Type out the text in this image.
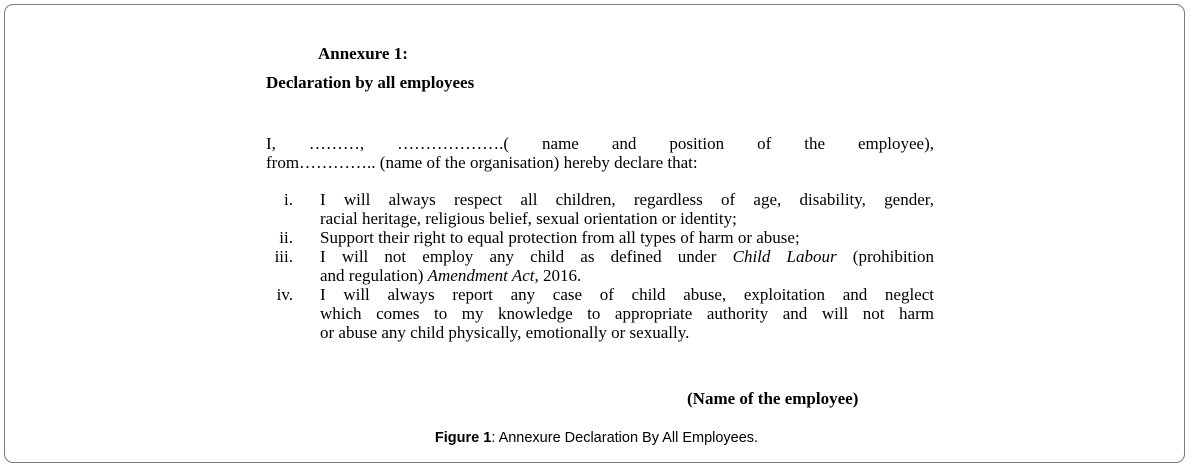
Annexure 1:
Declaration by all employees
I, ………, ……………….( name and position of the employee),
from………….. (name of the organisation) hereby declare that:
i. I will always respect all children, regardless of age, disability, gender,
racial heritage, religious belief, sexual orientation or identity;
ii. Support their right to equal protection from all types of harm or abuse;
iii. I will not employ any child as defined under Child Labour (prohibition
and regulation) Amendment Act, 2016.
iv. I will always report any case of child abuse, exploitation and neglect
which comes to my knowledge to appropriate authority and will not harm
or abuse any child physically, emotionally or sexually.
(Name of the employee)
Figure 1: Annexure Declaration By All Employees.
